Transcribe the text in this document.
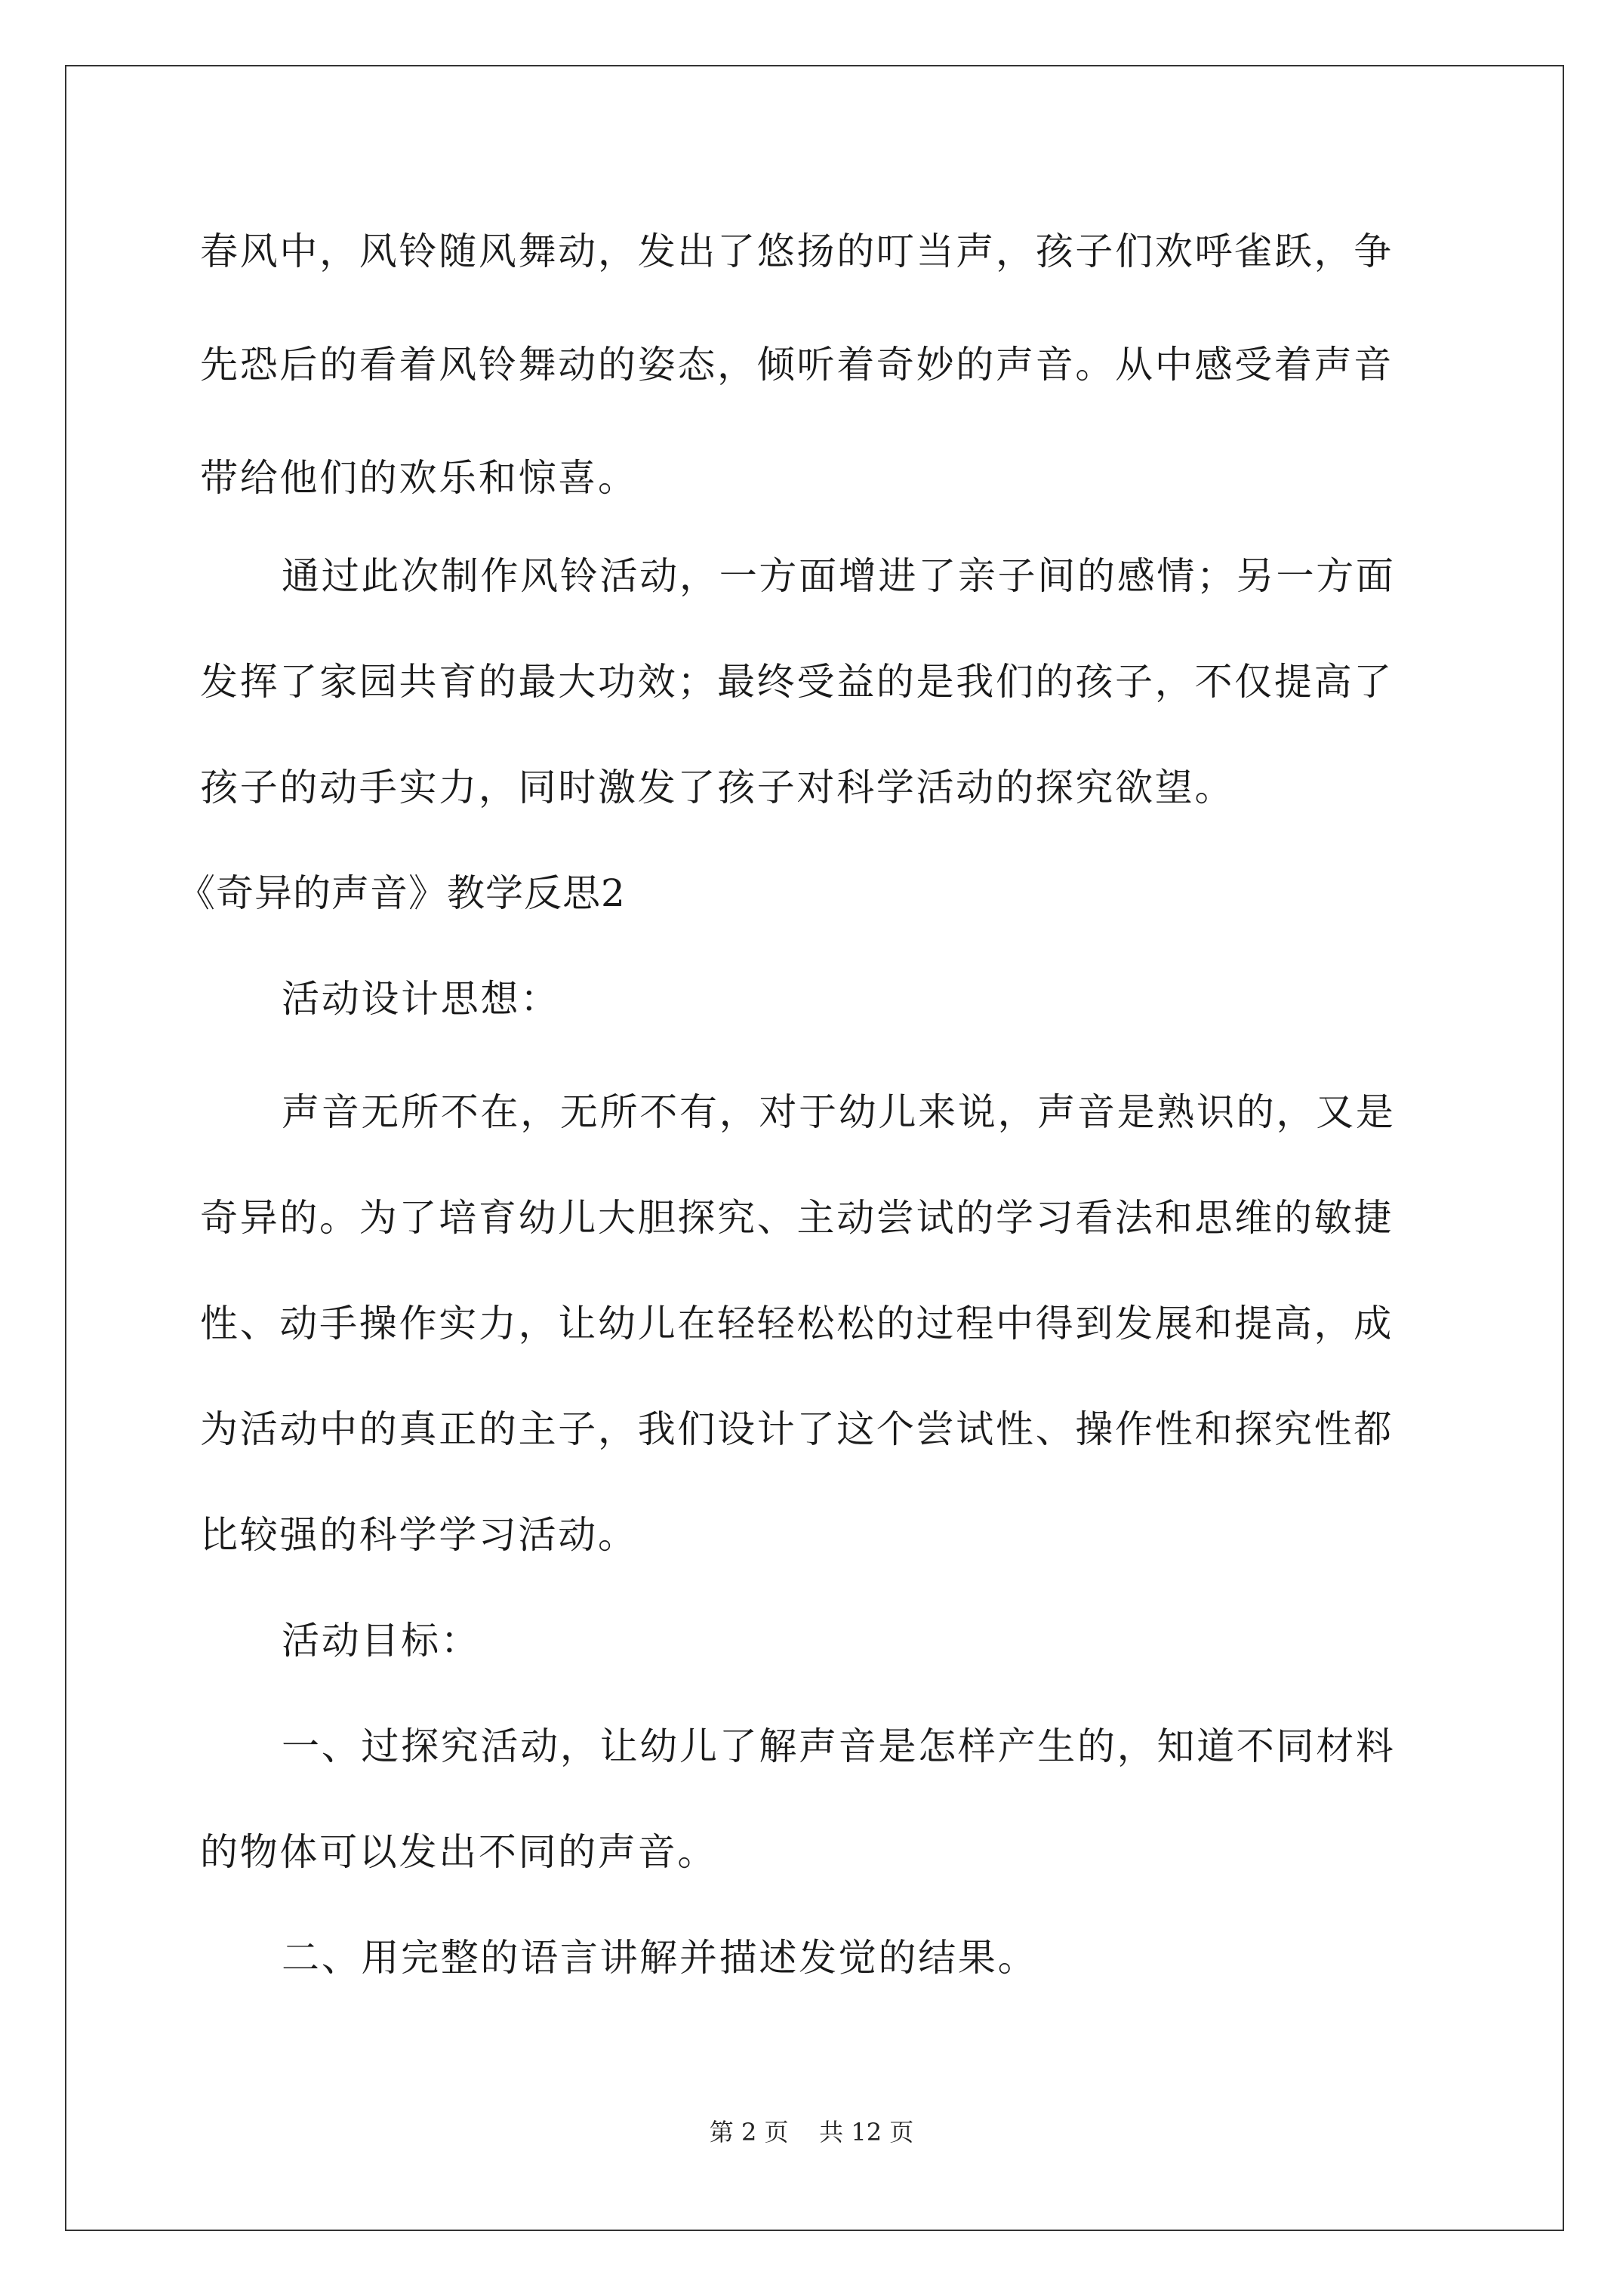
春风中，风铃随风舞动，发出了悠扬的叮当声，孩子们欢呼雀跃，争
先恐后的看着风铃舞动的姿态，倾听着奇妙的声音。从中感受着声音
带给他们的欢乐和惊喜。
通过此次制作风铃活动，一方面增进了亲子间的感情；另一方面
发挥了家园共育的最大功效；最终受益的是我们的孩子，不仅提高了
孩子的动手实力，同时激发了孩子对科学活动的探究欲望。
《奇异的声音》教学反思2
活动设计思想：
声音无所不在，无所不有，对于幼儿来说，声音是熟识的，又是
奇异的。为了培育幼儿大胆探究、主动尝试的学习看法和思维的敏捷
性、动手操作实力，让幼儿在轻轻松松的过程中得到发展和提高，成
为活动中的真正的主子，我们设计了这个尝试性、操作性和探究性都
比较强的科学学习活动。
活动目标：
一、过探究活动，让幼儿了解声音是怎样产生的，知道不同材料
的物体可以发出不同的声音。
二、用完整的语言讲解并描述发觉的结果。
第 2 页    共 12 页
